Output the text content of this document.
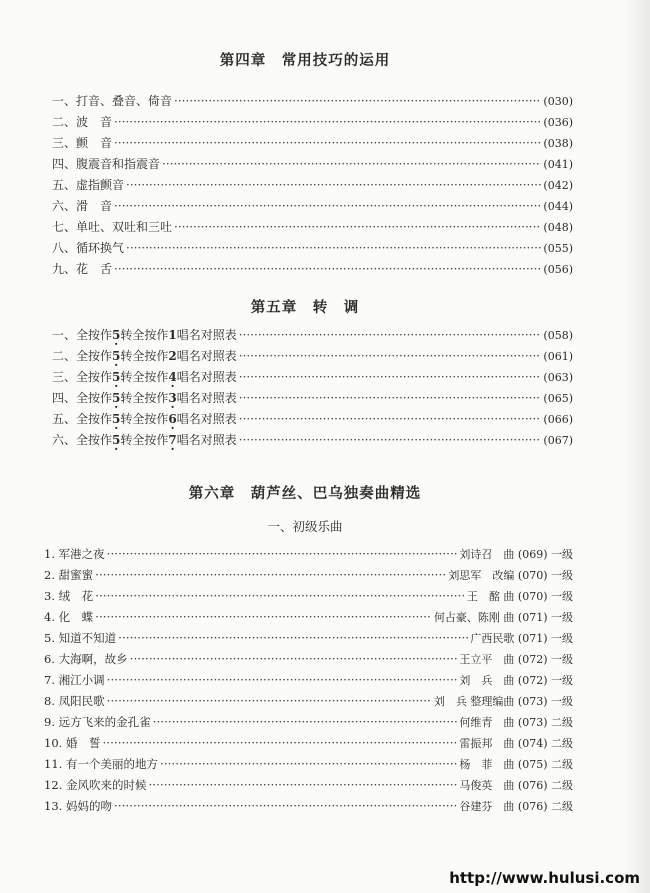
第四章　常用技巧的运用
一、打音、叠音、倚音 ·····	(030)
二、波　音 ·····	(036)
三、颤　音 ·····	(038)
四、腹震音和指震音 ·····	(041)
五、虚指颤音 ·····	(042)
六、滑　音 ·····	(044)
七、单吐、双吐和三吐 ·····	(048)
八、循环换气 ·····	(055)
九、花　舌 ·····	(056)
第五章　转　调
一、全按作5 ·转全按作1唱名对照表 ·····	(058)
二、全按作5 ·转全按作2唱名对照表 ·····	(061)
三、全按作5 ·转全按作4 ·唱名对照表 ·····	(063)
四、全按作5 ·转全按作3 ·唱名对照表 ·····	(065)
五、全按作5 ·转全按作6 ·唱名对照表 ·····	(066)
六、全按作5 ·转全按作7 ·唱名对照表 ·····	(067)
第六章　葫芦丝、巴乌独奏曲精选
一、初级乐曲
1. 军港之夜 ·····	刘诗召　曲 (069) 一级
2. 甜蜜蜜 ·····	刘思军　改编 (070) 一级
3. 绒　花 ·····	王　酩 曲 (070) 一级
4. 化　蝶 ·····	何占豪、陈刚 曲 (071) 一级
5. 知道不知道 ·····	广西民歌 (071) 一级
6. 大海啊，故乡 ·····	王立平　曲 (072) 一级
7. 湘江小调 ·····	刘　兵　曲 (072) 一级
8. 凤阳民歌 ·····	刘　兵 整理编曲 (073) 一级
9. 远方飞来的金孔雀 ·····	何维青　曲 (073) 二级
10. 婚　誓 ·····	雷振邦　曲 (074) 二级
11. 有一个美丽的地方 ·····	杨　菲　曲 (075) 二级
12. 金风吹来的时候 ·····	马俊英　曲 (076) 二级
13. 妈妈的吻 ·····	谷建芬　曲 (076) 二级
http://www.hulusi.com
